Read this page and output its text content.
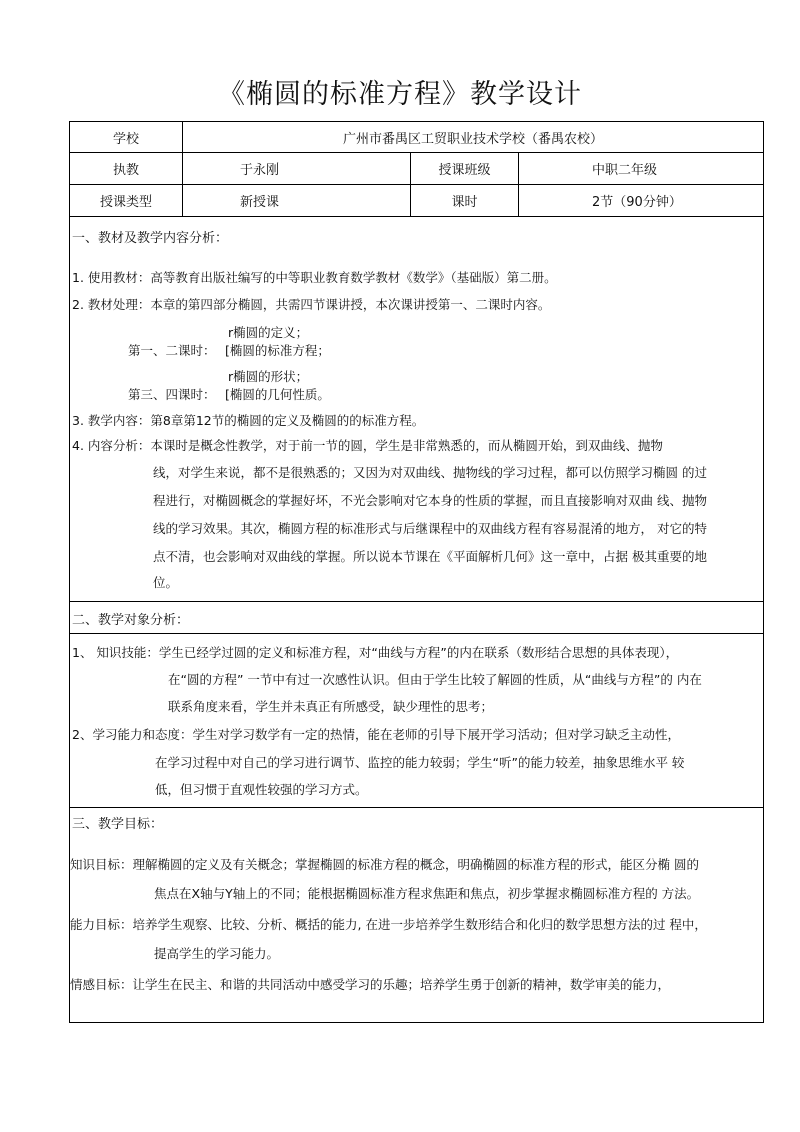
《椭圆的标准方程》教学设计
学校	广州市番禺区工贸职业技术学校（番禺农校）
执教	于永刚	授课班级	中职二年级
授课类型	新授课	课时	2节（90分钟）
一、教材及教学内容分析：
1. 使用教材：高等教育出版社编写的中等职业教育数学教材《数学》（基础版）第二册。
2. 教材处理：本章的第四部分椭圆，共需四节课讲授，本次课讲授第一、二课时内容。
r椭圆的定义；
第一、二课时： [椭圆的标准方程；
r椭圆的形状；
第三、四课时： [椭圆的几何性质。
3. 教学内容：第8章第12节的椭圆的定义及椭圆的的标准方程。
4. 内容分析：本课时是概念性教学，对于前一节的圆，学生是非常熟悉的，而从椭圆开始，到双曲线、抛物
线，对学生来说，都不是很熟悉的；又因为对双曲线、抛物线的学习过程，都可以仿照学习椭圆 的过
程进行，对椭圆概念的掌握好坏，不光会影响对它本身的性质的掌握，而且直接影响对双曲 线、抛物
线的学习效果。其次，椭圆方程的标准形式与后继课程中的双曲线方程有容易混淆的地方， 对它的特
点不清，也会影响对双曲线的掌握。所以说本节课在《平面解析几何》这一章中，占据 极其重要的地
位。
二、教学对象分析：
1、 知识技能：学生已经学过圆的定义和标准方程，对“曲线与方程”的内在联系（数形结合思想的具体表现），
在“圆的方程” 一节中有过一次感性认识。但由于学生比较了解圆的性质，从“曲线与方程”的 内在
联系角度来看，学生并未真正有所感受，缺少理性的思考；
2、学习能力和态度：学生对学习数学有一定的热情，能在老师的引导下展开学习活动；但对学习缺乏主动性，
在学习过程中对自己的学习进行调节、监控的能力较弱；学生“听”的能力较差，抽象思维水平 较
低，但习惯于直观性较强的学习方式。
三、教学目标：
知识目标：理解椭圆的定义及有关概念；掌握椭圆的标准方程的概念，明确椭圆的标准方程的形式，能区分椭 圆的
焦点在X轴与Y轴上的不同；能根据椭圆标准方程求焦距和焦点，初步掌握求椭圆标准方程的 方法。
能力目标：培养学生观察、比较、分析、概括的能力, 在进一步培养学生数形结合和化归的数学思想方法的过 程中，
提高学生的学习能力。
情感目标：让学生在民主、和谐的共同活动中感受学习的乐趣；培养学生勇于创新的精神，数学审美的能力，
